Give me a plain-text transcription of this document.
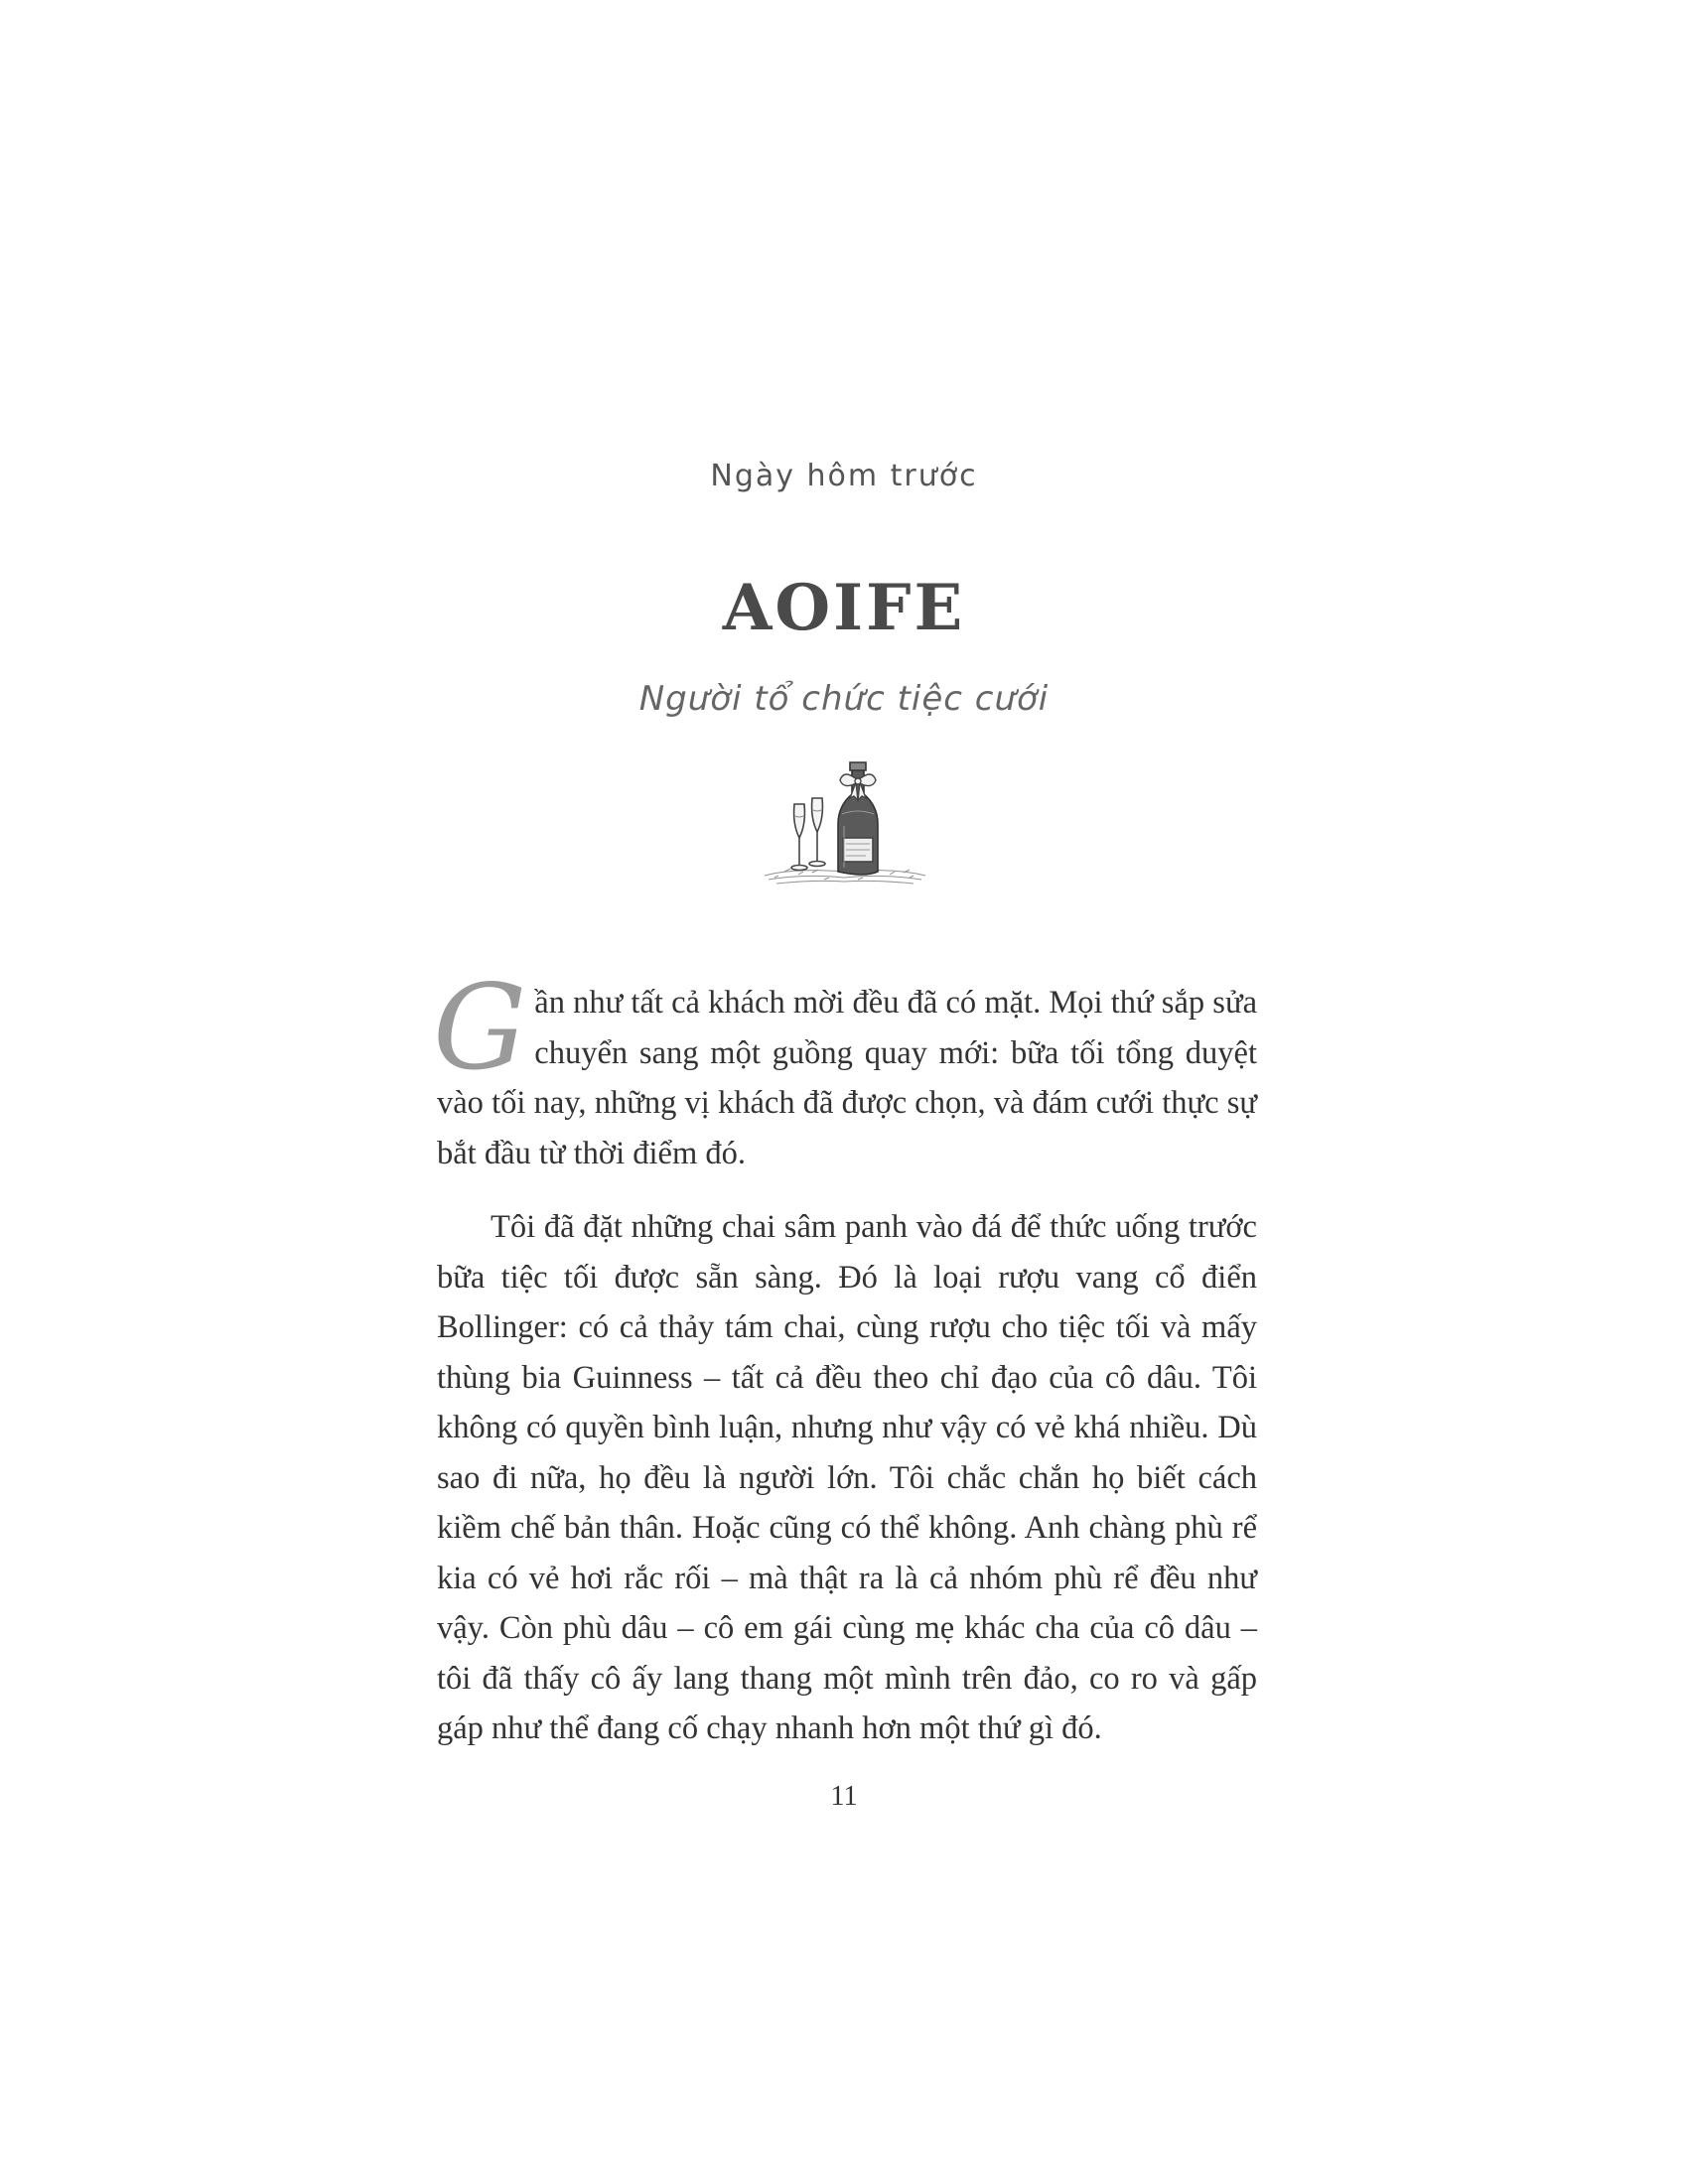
Ngày hôm trước
AOIFE
Người tổ chức tiệc cưới

Gần như tất cả khách mời đều đã có mặt. Mọi thứ sắp sửa chuyển sang một guồng quay mới: bữa tối tổng duyệt vào tối nay, những vị khách đã được chọn, và đám cưới thực sự bắt đầu từ thời điểm đó.

Tôi đã đặt những chai sâm panh vào đá để thức uống trước bữa tiệc tối được sẵn sàng. Đó là loại rượu vang cổ điển Bollinger: có cả thảy tám chai, cùng rượu cho tiệc tối và mấy thùng bia Guinness – tất cả đều theo chỉ đạo của cô dâu. Tôi không có quyền bình luận, nhưng như vậy có vẻ khá nhiều. Dù sao đi nữa, họ đều là người lớn. Tôi chắc chắn họ biết cách kiềm chế bản thân. Hoặc cũng có thể không. Anh chàng phù rể kia có vẻ hơi rắc rối – mà thật ra là cả nhóm phù rể đều như vậy. Còn phù dâu – cô em gái cùng mẹ khác cha của cô dâu – tôi đã thấy cô ấy lang thang một mình trên đảo, co ro và gấp gáp như thể đang cố chạy nhanh hơn một thứ gì đó.

11
